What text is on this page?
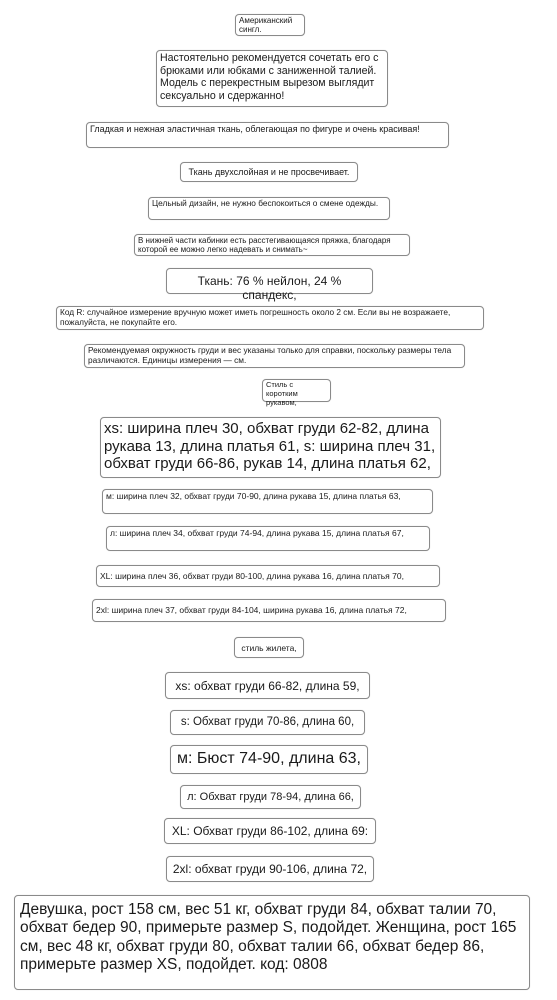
Американский сингл.
Настоятельно рекомендуется сочетать его с брюками или юбками с заниженной талией. Модель с перекрестным вырезом выглядит сексуально и сдержанно!
Гладкая и нежная эластичная ткань, облегающая по фигуре и очень красивая!
Ткань двухслойная и не просвечивает.
Цельный дизайн, не нужно беспокоиться о смене одежды.
В нижней части кабинки есть расстегивающаяся пряжка, благодаря которой ее можно легко надевать и снимать~
Ткань: 76 % нейлон, 24 % спандекс,
Код R: случайное измерение вручную может иметь погрешность около 2 см. Если вы не возражаете, пожалуйста, не покупайте его.
Рекомендуемая окружность груди и вес указаны только для справки, поскольку размеры тела различаются. Единицы измерения — см.
Стиль с коротким рукавом,
xs: ширина плеч 30, обхват груди 62-82, длина рукава 13, длина платья 61, s: ширина плеч 31, обхват груди 66-86, рукав 14, длина платья 62,
м: ширина плеч 32, обхват груди 70-90, длина рукава 15, длина платья 63,
л: ширина плеч 34, обхват груди 74-94, длина рукава 15, длина платья 67,
XL: ширина плеч 36, обхват груди 80-100, длина рукава 16, длина платья 70,
2xl: ширина плеч 37, обхват груди 84-104, ширина рукава 16, длина платья 72,
стиль жилета,
xs: обхват груди 66-82, длина 59,
s: Обхват груди 70-86, длина 60,
м: Бюст 74-90, длина 63,
л: Обхват груди 78-94, длина 66,
XL: Обхват груди 86-102, длина 69:
2xl: обхват груди 90-106, длина 72,
Девушка, рост 158 см, вес 51 кг, обхват груди 84, обхват талии 70, обхват бедер 90, примерьте размер S, подойдет. Женщина, рост 165 см, вес 48 кг, обхват груди 80, обхват талии 66, обхват бедер 86, примерьте размер XS, подойдет. код: 0808
